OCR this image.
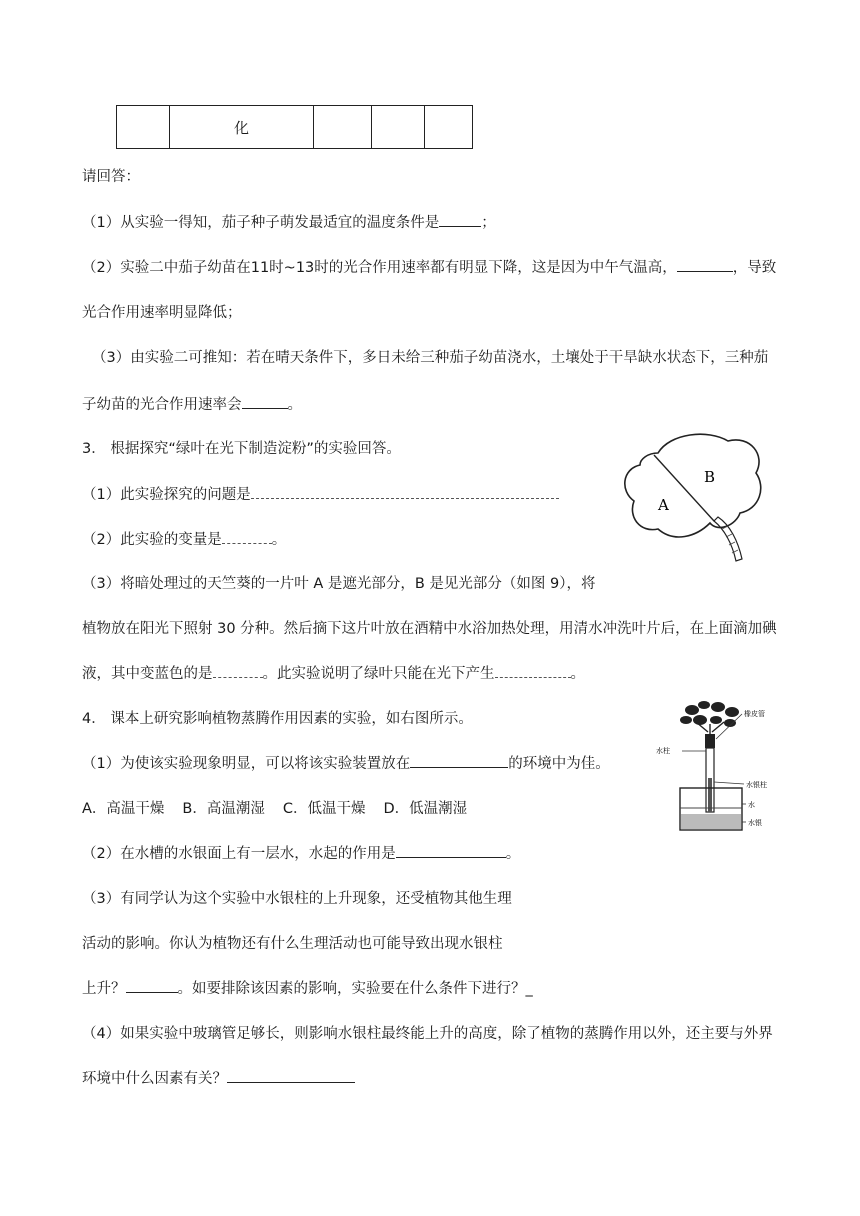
	化			
请回答：
（1）从实验一得知，茄子种子萌发最适宜的温度条件是	；
（2）实验二中茄子幼苗在11时~13时的光合作用速率都有明显下降，这是因为中午气温高，	，导致
光合作用速率明显降低；
（3）由实验二可推知：若在晴天条件下，多日未给三种茄子幼苗浇水，土壤处于干旱缺水状态下，三种茄
子幼苗的光合作用速率会	。
3． 根据探究“绿叶在光下制造淀粉”的实验回答。
（1）此实验探究的问题是
（2）此实验的变量是	。
（3）将暗处理过的天竺葵的一片叶 A 是遮光部分，B 是见光部分（如图 9），将
植物放在阳光下照射 30 分种。然后摘下这片叶放在酒精中水浴加热处理，用清水冲洗叶片后，在上面滴加碘
液，其中变蓝色的是	。此实验说明了绿叶只能在光下产生	。
A
B
4． 课本上研究影响植物蒸腾作用因素的实验，如右图所示。
（1）为使该实验现象明显，可以将该实验装置放在	的环境中为佳。
A．高温干燥 B．高温潮湿 C．低温干燥 D．低温潮湿
（2）在水槽的水银面上有一层水，水起的作用是	。
（3）有同学认为这个实验中水银柱的上升现象，还受植物其他生理
活动的影响。你认为植物还有什么生理活动也可能导致出现水银柱
上升？	。如要排除该因素的影响，实验要在什么条件下进行？_
（4）如果实验中玻璃管足够长，则影响水银柱最终能上升的高度，除了植物的蒸腾作用以外，还主要与外界
环境中什么因素有关？
橡皮管
水柱
水银柱
水
水银
